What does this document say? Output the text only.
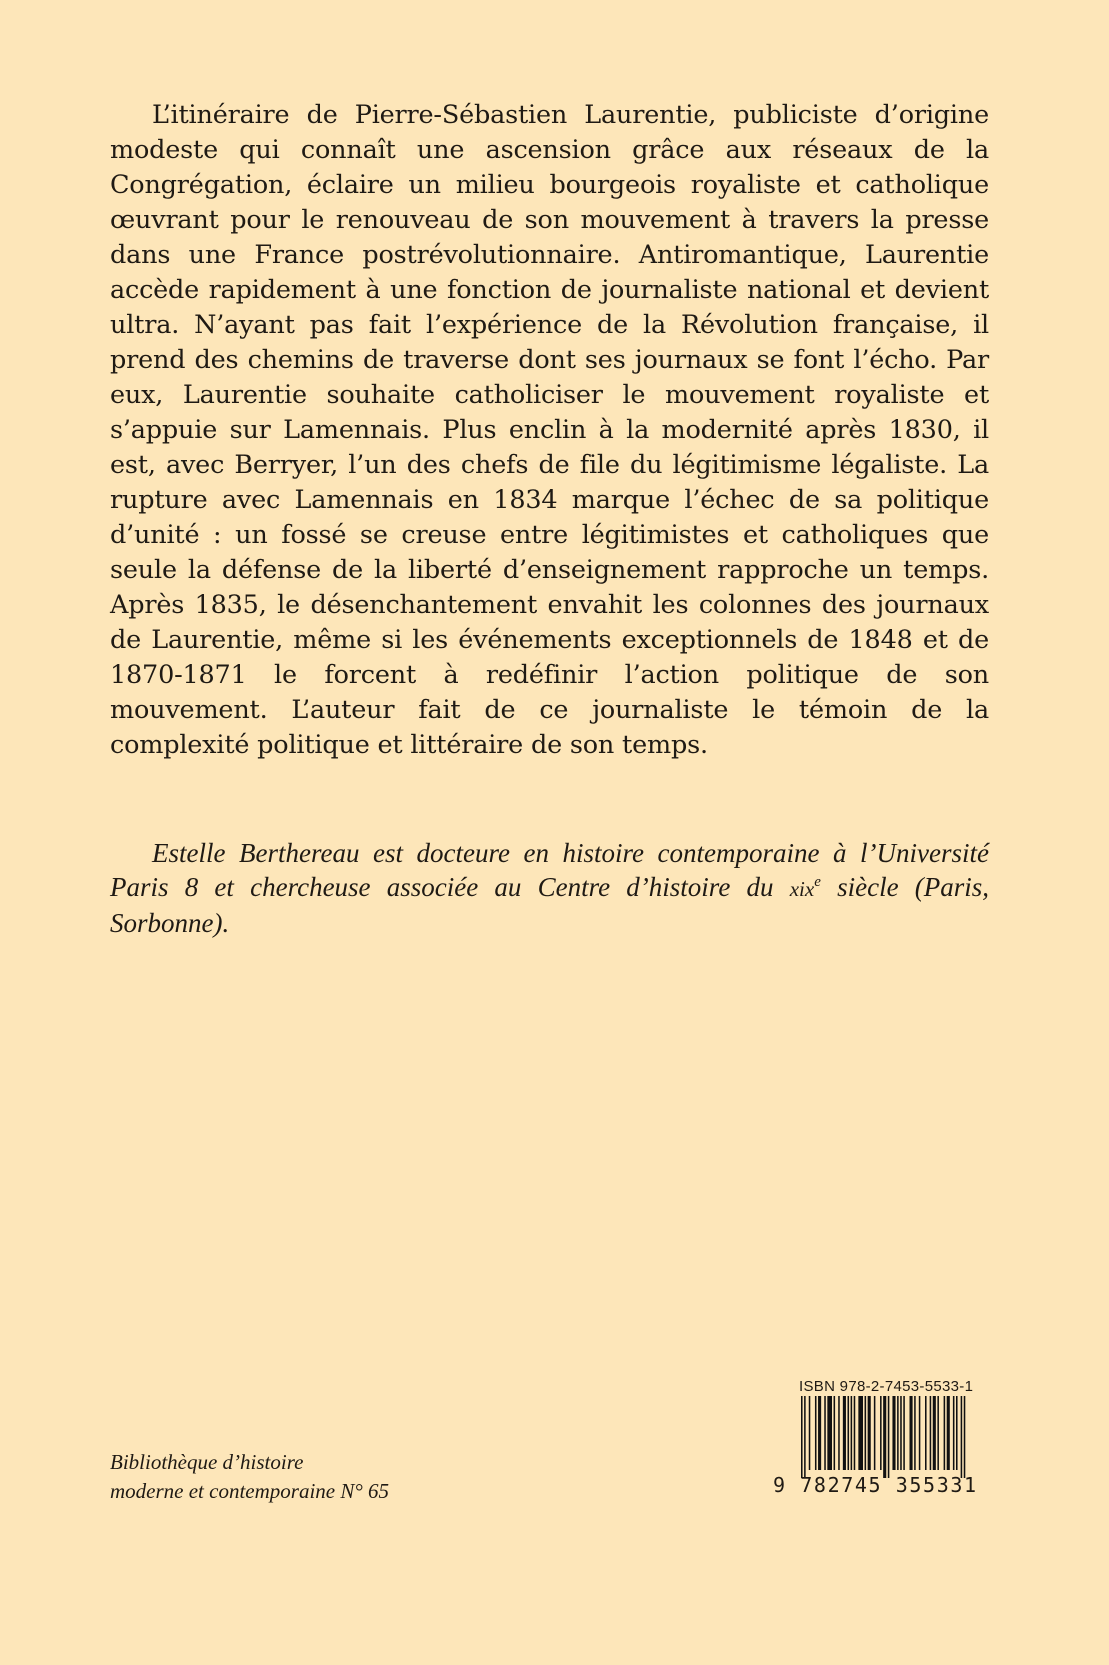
L’itinéraire de Pierre-Sébastien Laurentie, publiciste d’origine modeste qui connaît une ascension grâce aux réseaux de la Congrégation, éclaire un milieu bourgeois royaliste et catholique œuvrant pour le renouveau de son mouvement à travers la presse dans une France postrévolutionnaire. Antiromantique, Laurentie accède rapidement à une fonction de journaliste national et devient ultra. N’ayant pas fait l’expérience de la Révolution française, il prend des chemins de traverse dont ses journaux se font l’écho. Par eux, Laurentie souhaite catholiciser le mouvement royaliste et s’appuie sur Lamennais. Plus enclin à la modernité après 1830, il est, avec Berryer, l’un des chefs de file du légitimisme légaliste. La rupture avec Lamennais en 1834 marque l’échec de sa politique d’unité : un fossé se creuse entre légitimistes et catholiques que seule la défense de la liberté d’enseignement rapproche un temps. Après 1835, le désenchantement envahit les colonnes des journaux de Laurentie, même si les événements exceptionnels de 1848 et de 1870-1871 le forcent à redéfinir l’action politique de son mouvement. L’auteur fait de ce journaliste le témoin de la complexité politique et littéraire de son temps.

Estelle Berthereau est docteure en histoire contemporaine à l’Université Paris 8 et chercheuse associée au Centre d’histoire du xix$^e$ siècle (Paris, Sorbonne).

Bibliothèque d’histoire
moderne et contemporaine N° 65
ISBN 978-2-7453-5533-1
9 782745 355331
